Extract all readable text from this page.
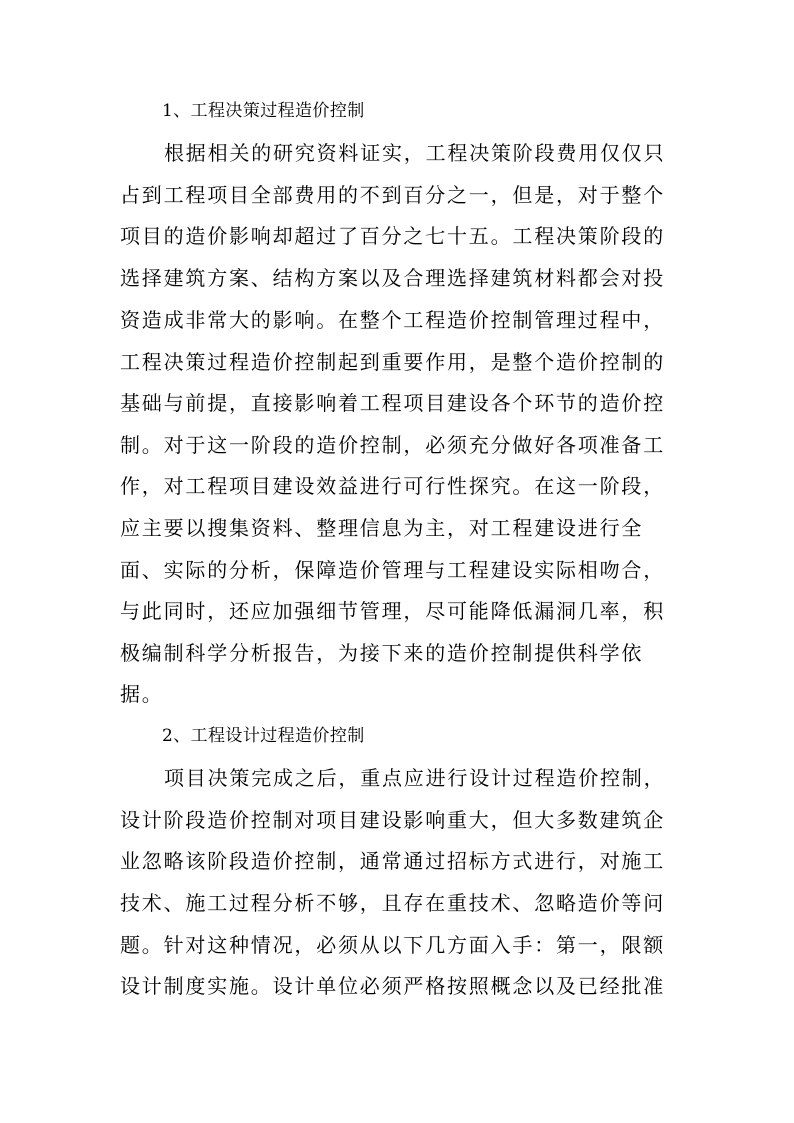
1、工程决策过程造价控制
根据相关的研究资料证实，工程决策阶段费用仅仅只
占到工程项目全部费用的不到百分之一，但是，对于整个
项目的造价影响却超过了百分之七十五。工程决策阶段的
选择建筑方案、结构方案以及合理选择建筑材料都会对投
资造成非常大的影响。在整个工程造价控制管理过程中，
工程决策过程造价控制起到重要作用，是整个造价控制的
基础与前提，直接影响着工程项目建设各个环节的造价控
制。对于这一阶段的造价控制，必须充分做好各项准备工
作，对工程项目建设效益进行可行性探究。在这一阶段，
应主要以搜集资料、整理信息为主，对工程建设进行全
面、实际的分析，保障造价管理与工程建设实际相吻合，
与此同时，还应加强细节管理，尽可能降低漏洞几率，积
极编制科学分析报告，为接下来的造价控制提供科学依
据。
2、工程设计过程造价控制
项目决策完成之后，重点应进行设计过程造价控制，
设计阶段造价控制对项目建设影响重大，但大多数建筑企
业忽略该阶段造价控制，通常通过招标方式进行，对施工
技术、施工过程分析不够，且存在重技术、忽略造价等问
题。针对这种情况，必须从以下几方面入手：第一，限额
设计制度实施。设计单位必须严格按照概念以及已经批准
